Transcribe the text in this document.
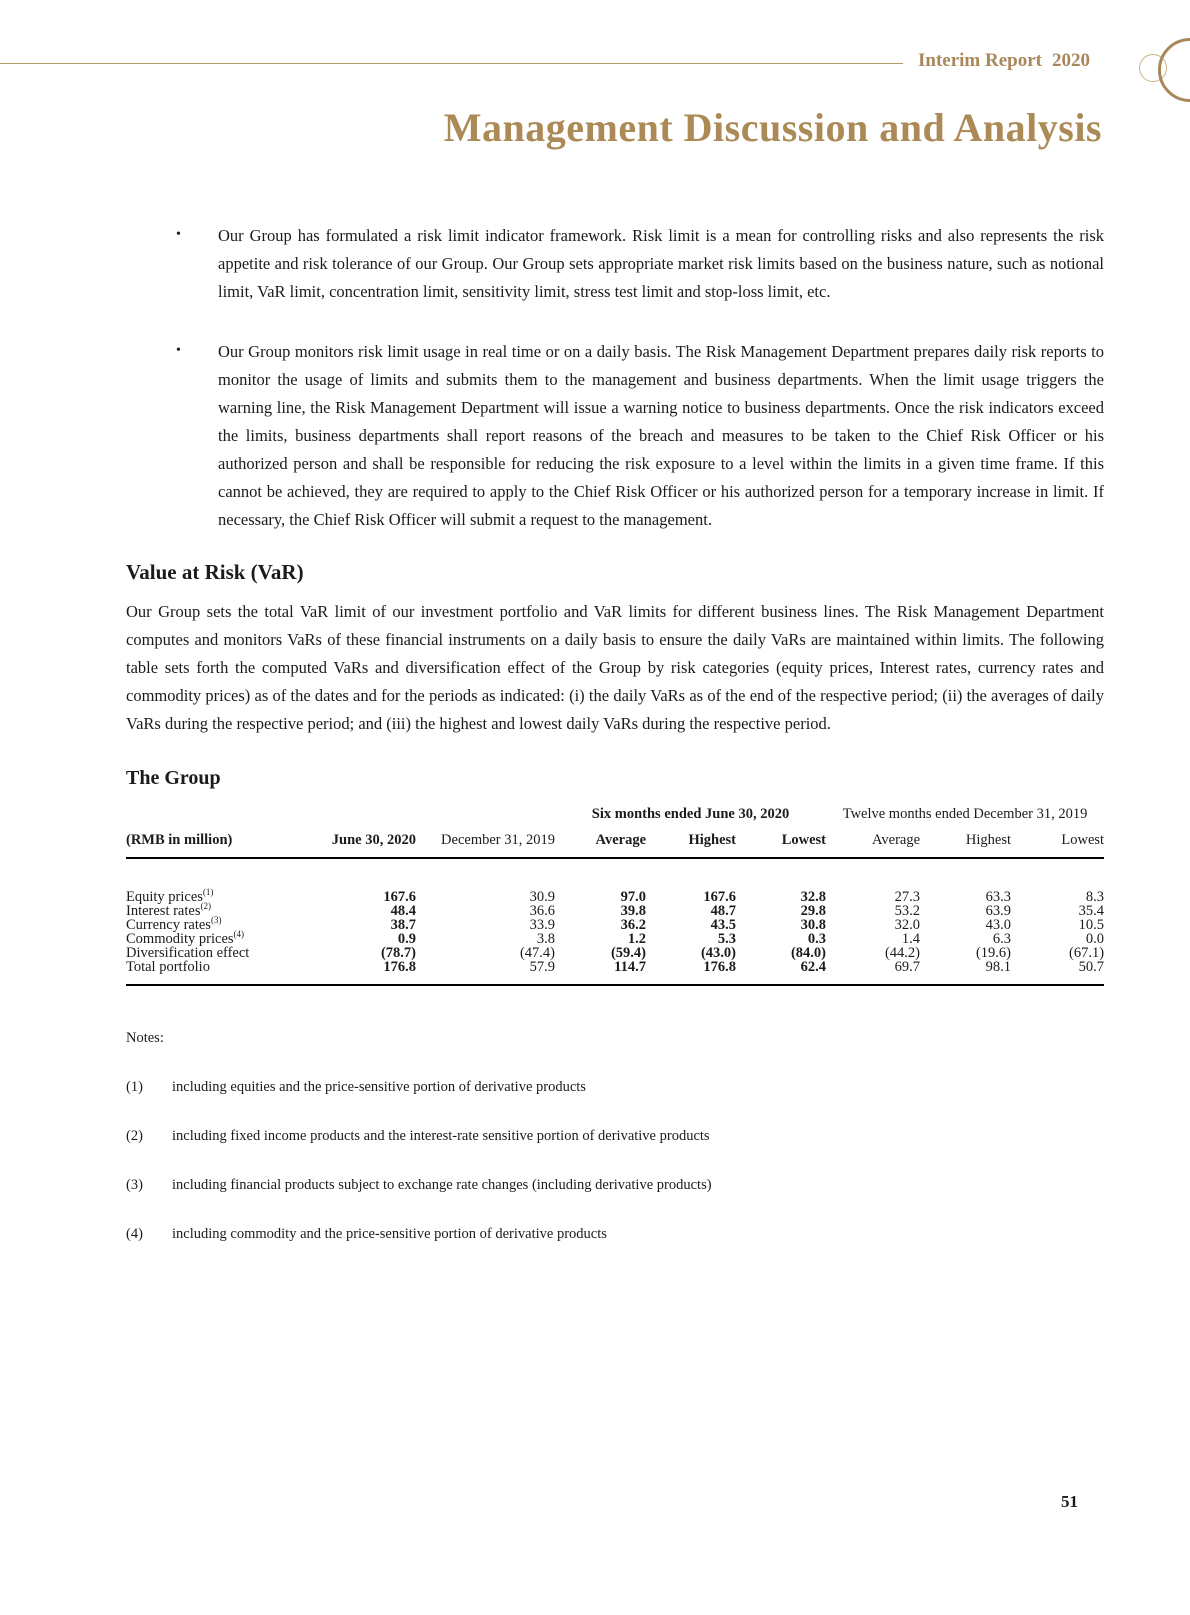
Interim Report 2020
Management Discussion and Analysis
• Our Group has formulated a risk limit indicator framework. Risk limit is a mean for controlling risks and also represents the risk appetite and risk tolerance of our Group. Our Group sets appropriate market risk limits based on the business nature, such as notional limit, VaR limit, concentration limit, sensitivity limit, stress test limit and stop-loss limit, etc.
• Our Group monitors risk limit usage in real time or on a daily basis. The Risk Management Department prepares daily risk reports to monitor the usage of limits and submits them to the management and business departments. When the limit usage triggers the warning line, the Risk Management Department will issue a warning notice to business departments. Once the risk indicators exceed the limits, business departments shall report reasons of the breach and measures to be taken to the Chief Risk Officer or his authorized person and shall be responsible for reducing the risk exposure to a level within the limits in a given time frame. If this cannot be achieved, they are required to apply to the Chief Risk Officer or his authorized person for a temporary increase in limit. If necessary, the Chief Risk Officer will submit a request to the management.
Value at Risk (VaR)
Our Group sets the total VaR limit of our investment portfolio and VaR limits for different business lines. The Risk Management Department computes and monitors VaRs of these financial instruments on a daily basis to ensure the daily VaRs are maintained within limits. The following table sets forth the computed VaRs and diversification effect of the Group by risk categories (equity prices, Interest rates, currency rates and commodity prices) as of the dates and for the periods as indicated: (i) the daily VaRs as of the end of the respective period; (ii) the averages of daily VaRs during the respective period; and (iii) the highest and lowest daily VaRs during the respective period.
The Group
			Six months ended June 30, 2020			Twelve months ended December 31, 2019		
(RMB in million)	June 30, 2020	December 31, 2019	Average	Highest	Lowest	Average	Highest	Lowest
Equity prices$^{(1)}$	167.6	30.9	97.0	167.6	32.8	27.3	63.3	8.3
Interest rates$^{(2)}$	48.4	36.6	39.8	48.7	29.8	53.2	63.9	35.4
Currency rates$^{(3)}$	38.7	33.9	36.2	43.5	30.8	32.0	43.0	10.5
Commodity prices$^{(4)}$	0.9	3.8	1.2	5.3	0.3	1.4	6.3	0.0
Diversification effect	(78.7)	(47.4)	(59.4)	(43.0)	(84.0)	(44.2)	(19.6)	(67.1)
Total portfolio	176.8	57.9	114.7	176.8	62.4	69.7	98.1	50.7
Notes:
(1)	including equities and the price-sensitive portion of derivative products
(2)	including fixed income products and the interest-rate sensitive portion of derivative products
(3)	including financial products subject to exchange rate changes (including derivative products)
(4)	including commodity and the price-sensitive portion of derivative products
51
